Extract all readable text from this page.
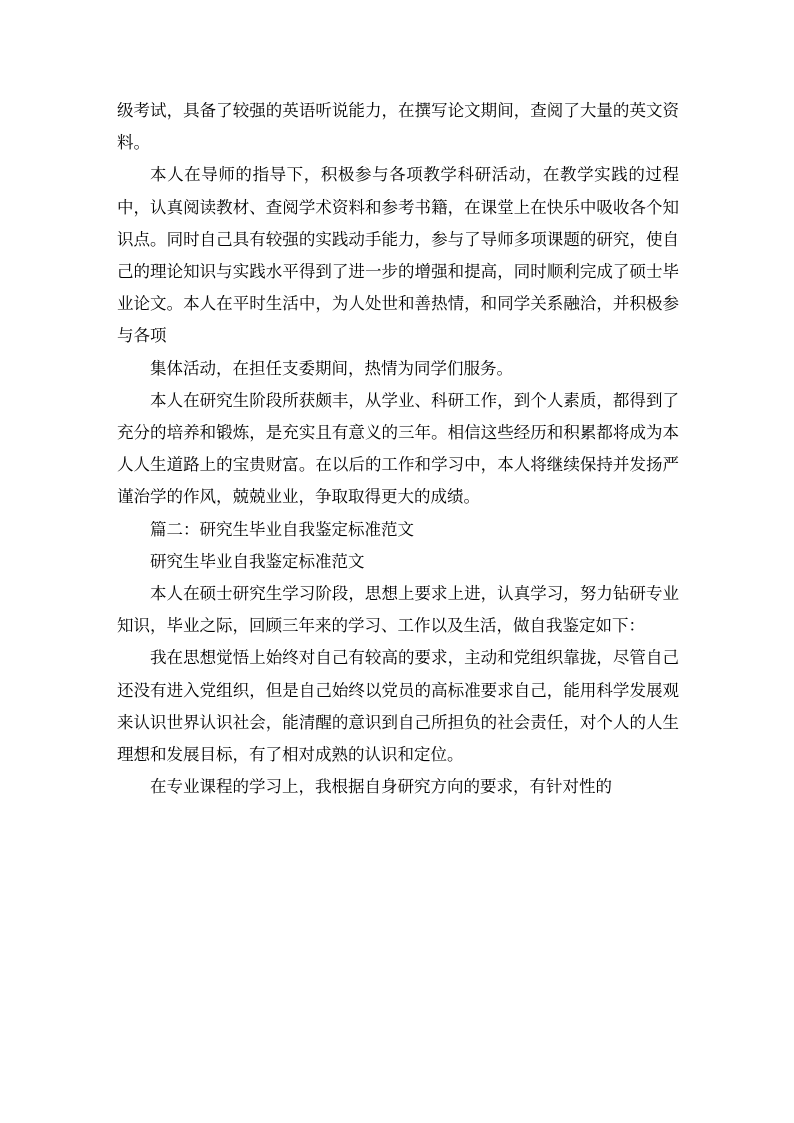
级考试，具备了较强的英语听说能力，在撰写论文期间，查阅了大量的英文资料。

本人在导师的指导下，积极参与各项教学科研活动，在教学实践的过程中，认真阅读教材、查阅学术资料和参考书籍，在课堂上在快乐中吸收各个知识点。同时自己具有较强的实践动手能力，参与了导师多项课题的研究，使自己的理论知识与实践水平得到了进一步的增强和提高，同时顺利完成了硕士毕业论文。本人在平时生活中，为人处世和善热情，和同学关系融洽，并积极参与各项

集体活动，在担任支委期间，热情为同学们服务。

本人在研究生阶段所获颇丰，从学业、科研工作，到个人素质，都得到了充分的培养和锻炼，是充实且有意义的三年。相信这些经历和积累都将成为本人人生道路上的宝贵财富。在以后的工作和学习中，本人将继续保持并发扬严谨治学的作风，兢兢业业，争取取得更大的成绩。

篇二：研究生毕业自我鉴定标准范文

研究生毕业自我鉴定标准范文

本人在硕士研究生学习阶段，思想上要求上进，认真学习，努力钻研专业知识，毕业之际，回顾三年来的学习、工作以及生活，做自我鉴定如下：

我在思想觉悟上始终对自己有较高的要求，主动和党组织靠拢，尽管自己还没有进入党组织，但是自己始终以党员的高标准要求自己，能用科学发展观来认识世界认识社会，能清醒的意识到自己所担负的社会责任，对个人的人生理想和发展目标，有了相对成熟的认识和定位。

在专业课程的学习上，我根据自身研究方向的要求，有针对性的
